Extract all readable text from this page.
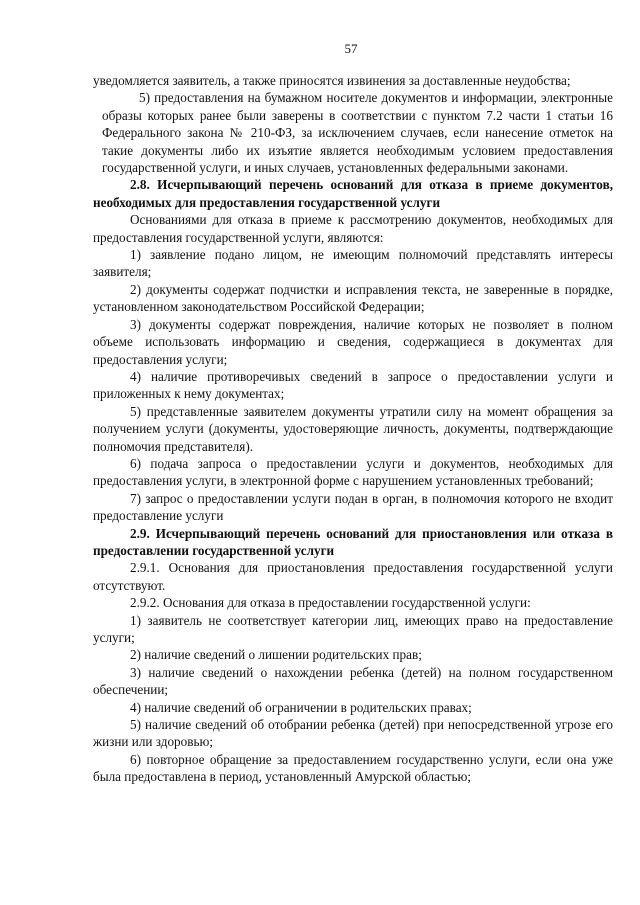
57

уведомляется заявитель, а также приносятся извинения за доставленные неудобства;

5) предоставления на бумажном носителе документов и информации, электронные образы которых ранее были заверены в соответствии с пунктом 7.2 части 1 статьи 16 Федерального закона № 210-ФЗ, за исключением случаев, если нанесение отметок на такие документы либо их изъятие является необходимым условием предоставления государственной услуги, и иных случаев, установленных федеральными законами.

2.8. Исчерпывающий перечень оснований для отказа в приеме документов, необходимых для предоставления государственной услуги

Основаниями для отказа в приеме к рассмотрению документов, необходимых для предоставления государственной услуги, являются:

1) заявление подано лицом, не имеющим полномочий представлять интересы заявителя;

2) документы содержат подчистки и исправления текста, не заверенные в порядке, установленном законодательством Российской Федерации;

3) документы содержат повреждения, наличие которых не позволяет в полном объеме использовать информацию и сведения, содержащиеся в документах для предоставления услуги;

4) наличие противоречивых сведений в запросе о предоставлении услуги и приложенных к нему документах;

5) представленные заявителем документы утратили силу на момент обращения за получением услуги (документы, удостоверяющие личность, документы, подтверждающие полномочия представителя).

6) подача запроса о предоставлении услуги и документов, необходимых для предоставления услуги, в электронной форме с нарушением установленных требований;

7) запрос о предоставлении услуги подан в орган, в полномочия которого не входит предоставление услуги

2.9. Исчерпывающий перечень оснований для приостановления или отказа в предоставлении государственной услуги

2.9.1. Основания для приостановления предоставления государственной услуги отсутствуют.

2.9.2. Основания для отказа в предоставлении государственной услуги:

1) заявитель не соответствует категории лиц, имеющих право на предоставление услуги;

2) наличие сведений о лишении родительских прав;

3) наличие сведений о нахождении ребенка (детей) на полном государственном обеспечении;

4) наличие сведений об ограничении в родительских правах;

5) наличие сведений об отобрании ребенка (детей) при непосредственной угрозе его жизни или здоровью;

6) повторное обращение за предоставлением государственно услуги, если она уже была предоставлена в период, установленный Амурской областью;
